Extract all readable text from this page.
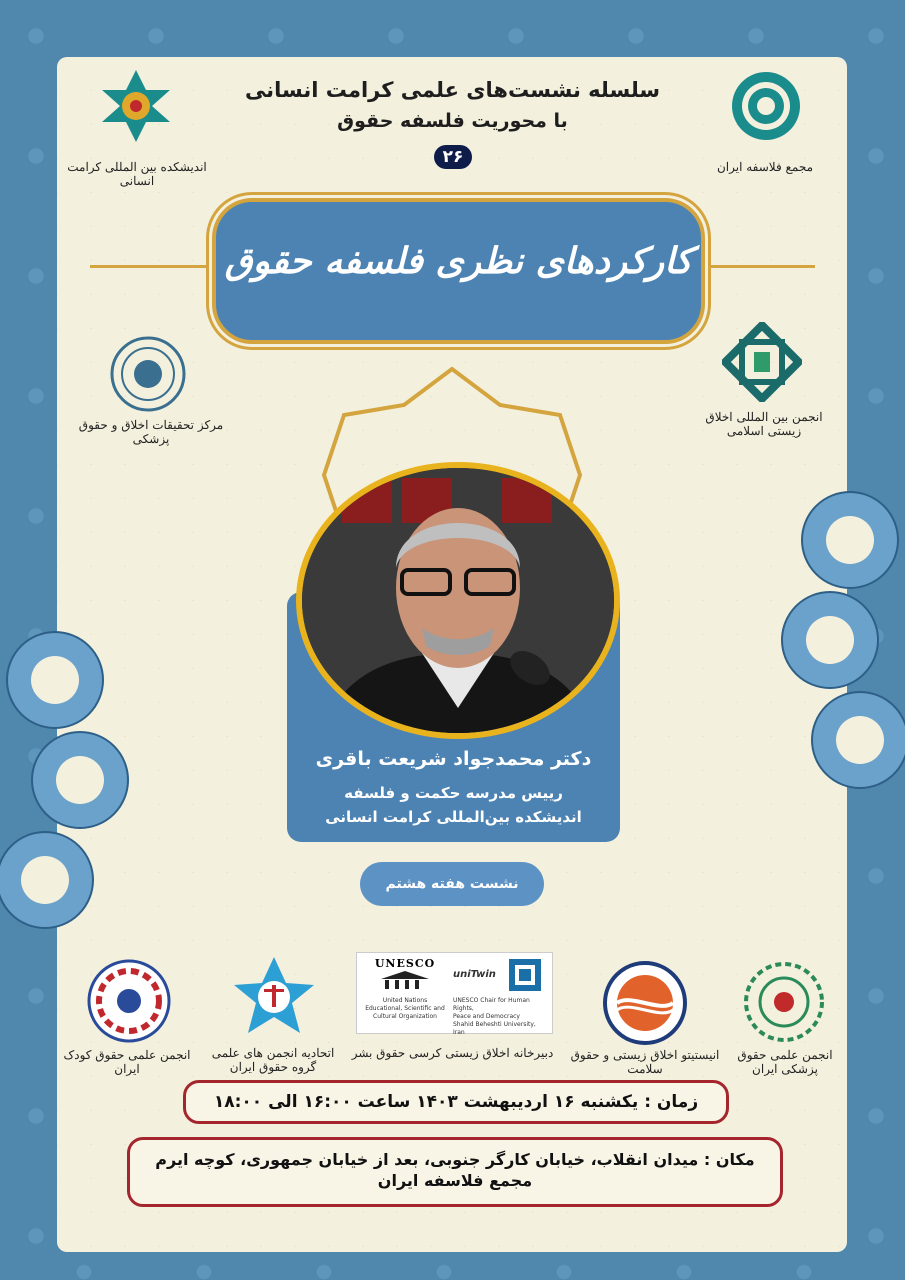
سلسله نشست‌های علمی کرامت انسانی
با محوریت فلسفه حقوق
۲۶	مجمع فلاسفه ایران
اندیشکده بین المللی کرامت انسانی
کارکردهای نظری فلسفه حقوق
انجمن بین المللی اخلاق زیستی اسلامی
مرکز تحقیقات اخلاق و حقوق پزشکی
دکتر محمدجواد شریعت باقری
رییس مدرسه حکمت و فلسفه
اندیشکده بین‌المللی کرامت انسانی
نشست هفته هشتم
انجمن علمی حقوق پزشکی ایران
انیستیتو اخلاق زیستی و حقوق سلامت
UNESCO
United Nations
Educational, Scientific and
Cultural Organization
uniTwin
UNESCO Chair for Human Rights,
Peace and Democracy
Shahid Beheshti University, Iran
دبیرخانه اخلاق زیستی کرسی حقوق بشر
اتحادیه انجمن های علمی گروه حقوق ایران
انجمن علمی حقوق کودک ایران
زمان : یکشنبه ۱۶ اردیبهشت ۱۴۰۳ ساعت ۱۶:۰۰ الی ۱۸:۰۰
مکان : میدان انقلاب، خیابان کارگر جنوبی، بعد از خیابان جمهوری، کوچه ایرم
مجمع فلاسفه ایران
